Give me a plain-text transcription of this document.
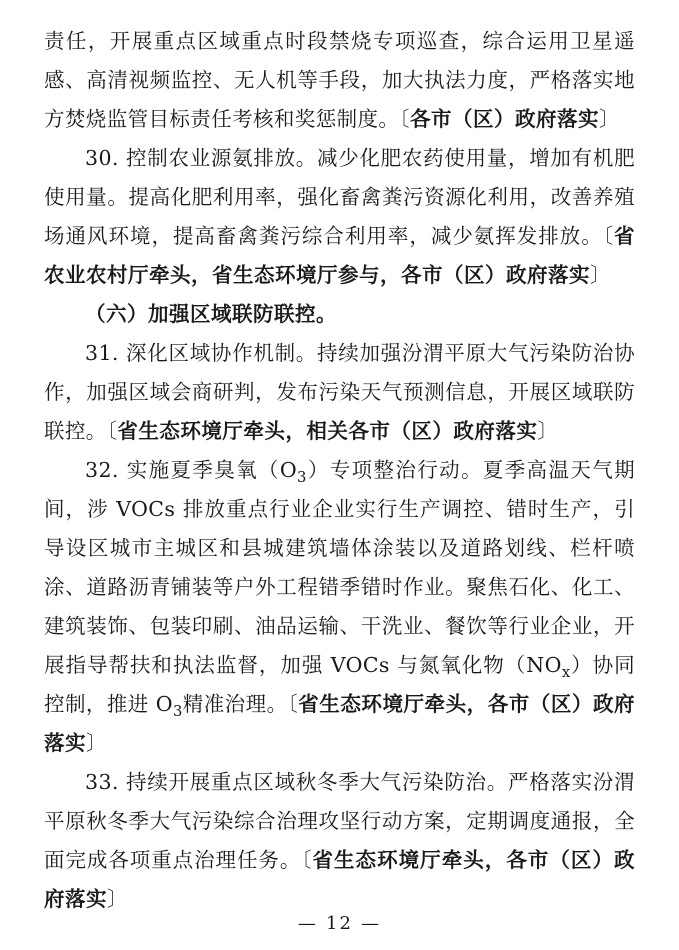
责任，开展重点区域重点时段禁烧专项巡查，综合运用卫星遥感、高清视频监控、无人机等手段，加大执法力度，严格落实地方焚烧监管目标责任考核和奖惩制度。〔各市（区）政府落实〕

30. 控制农业源氨排放。减少化肥农药使用量，增加有机肥使用量。提高化肥利用率，强化畜禽粪污资源化利用，改善养殖场通风环境，提高畜禽粪污综合利用率，减少氨挥发排放。〔省农业农村厅牵头，省生态环境厅参与，各市（区）政府落实〕

（六）加强区域联防联控。

31. 深化区域协作机制。持续加强汾渭平原大气污染防治协作，加强区域会商研判，发布污染天气预测信息，开展区域联防联控。〔省生态环境厅牵头，相关各市（区）政府落实〕

32. 实施夏季臭氧$(O_3)$专项整治行动。夏季高温天气期间，涉 VOCs 排放重点行业企业实行生产调控、错时生产，引导设区城市主城区和县城建筑墙体涂装以及道路划线、栏杆喷涂、道路沥青铺装等户外工程错季错时作业。聚焦石化、化工、建筑装饰、包装印刷、油品运输、干洗业、餐饮等行业企业，开展指导帮扶和执法监督，加强 VOCs 与氮氧化物$(NO_x)$协同控制，推进 $O_3$精准治理。〔省生态环境厅牵头，各市（区）政府落实〕

33. 持续开展重点区域秋冬季大气污染防治。严格落实汾渭平原秋冬季大气污染综合治理攻坚行动方案，定期调度通报，全面完成各项重点治理任务。〔省生态环境厅牵头，各市（区）政府落实〕

— 12 —
